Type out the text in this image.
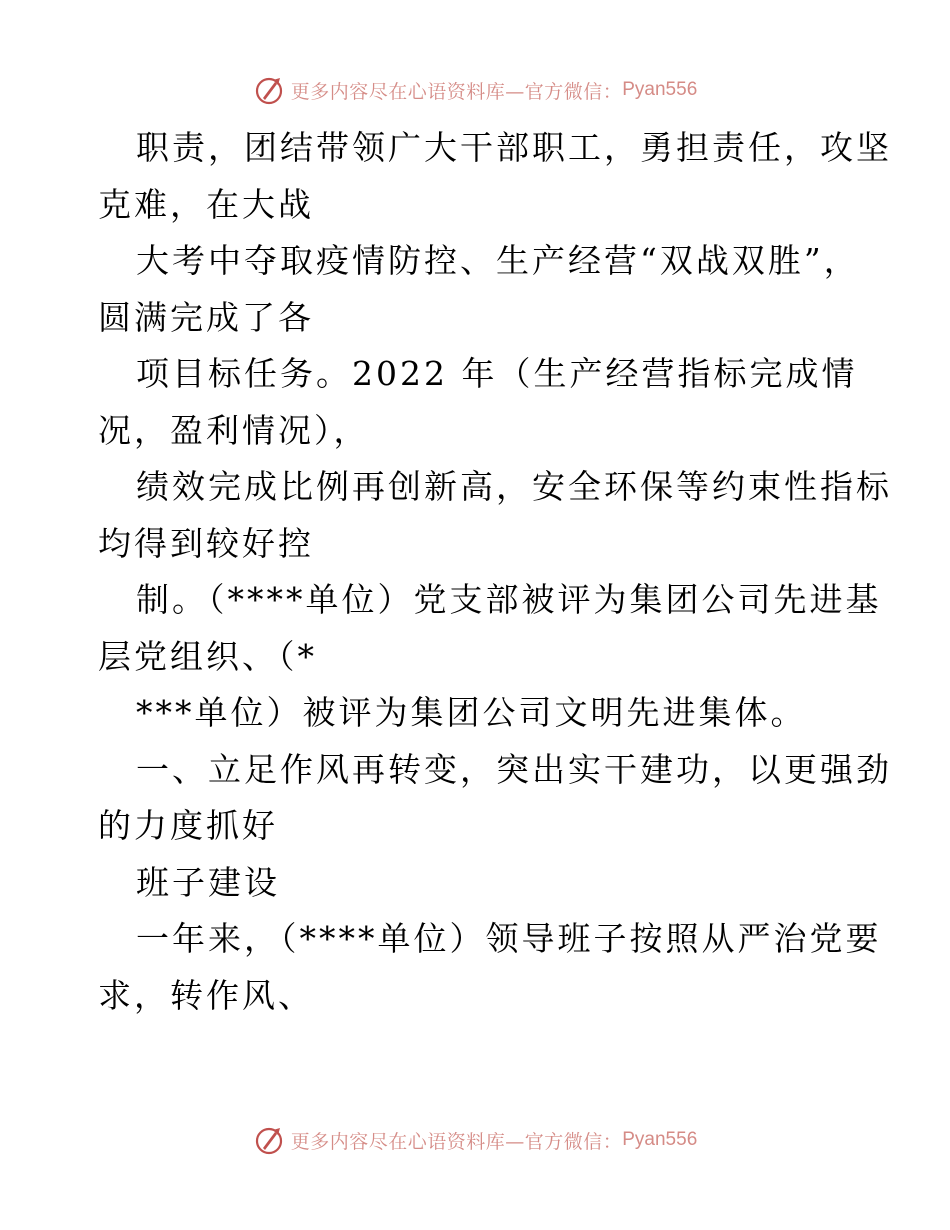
更多内容尽在心语资料库—官方微信： Pyan556
职责，团结带领广大干部职工，勇担责任，攻坚
克难，在大战
大考中夺取疫情防控、生产经营“双战双胜”，
圆满完成了各
项目标任务。2022 年（生产经营指标完成情
况，盈利情况），
绩效完成比例再创新高，安全环保等约束性指标
均得到较好控
制。（****单位）党支部被评为集团公司先进基
层党组织、（*
***单位）被评为集团公司文明先进集体。
一、立足作风再转变，突出实干建功，以更强劲
的力度抓好
班子建设
一年来，（****单位）领导班子按照从严治党要
求，转作风、
更多内容尽在心语资料库—官方微信： Pyan556
